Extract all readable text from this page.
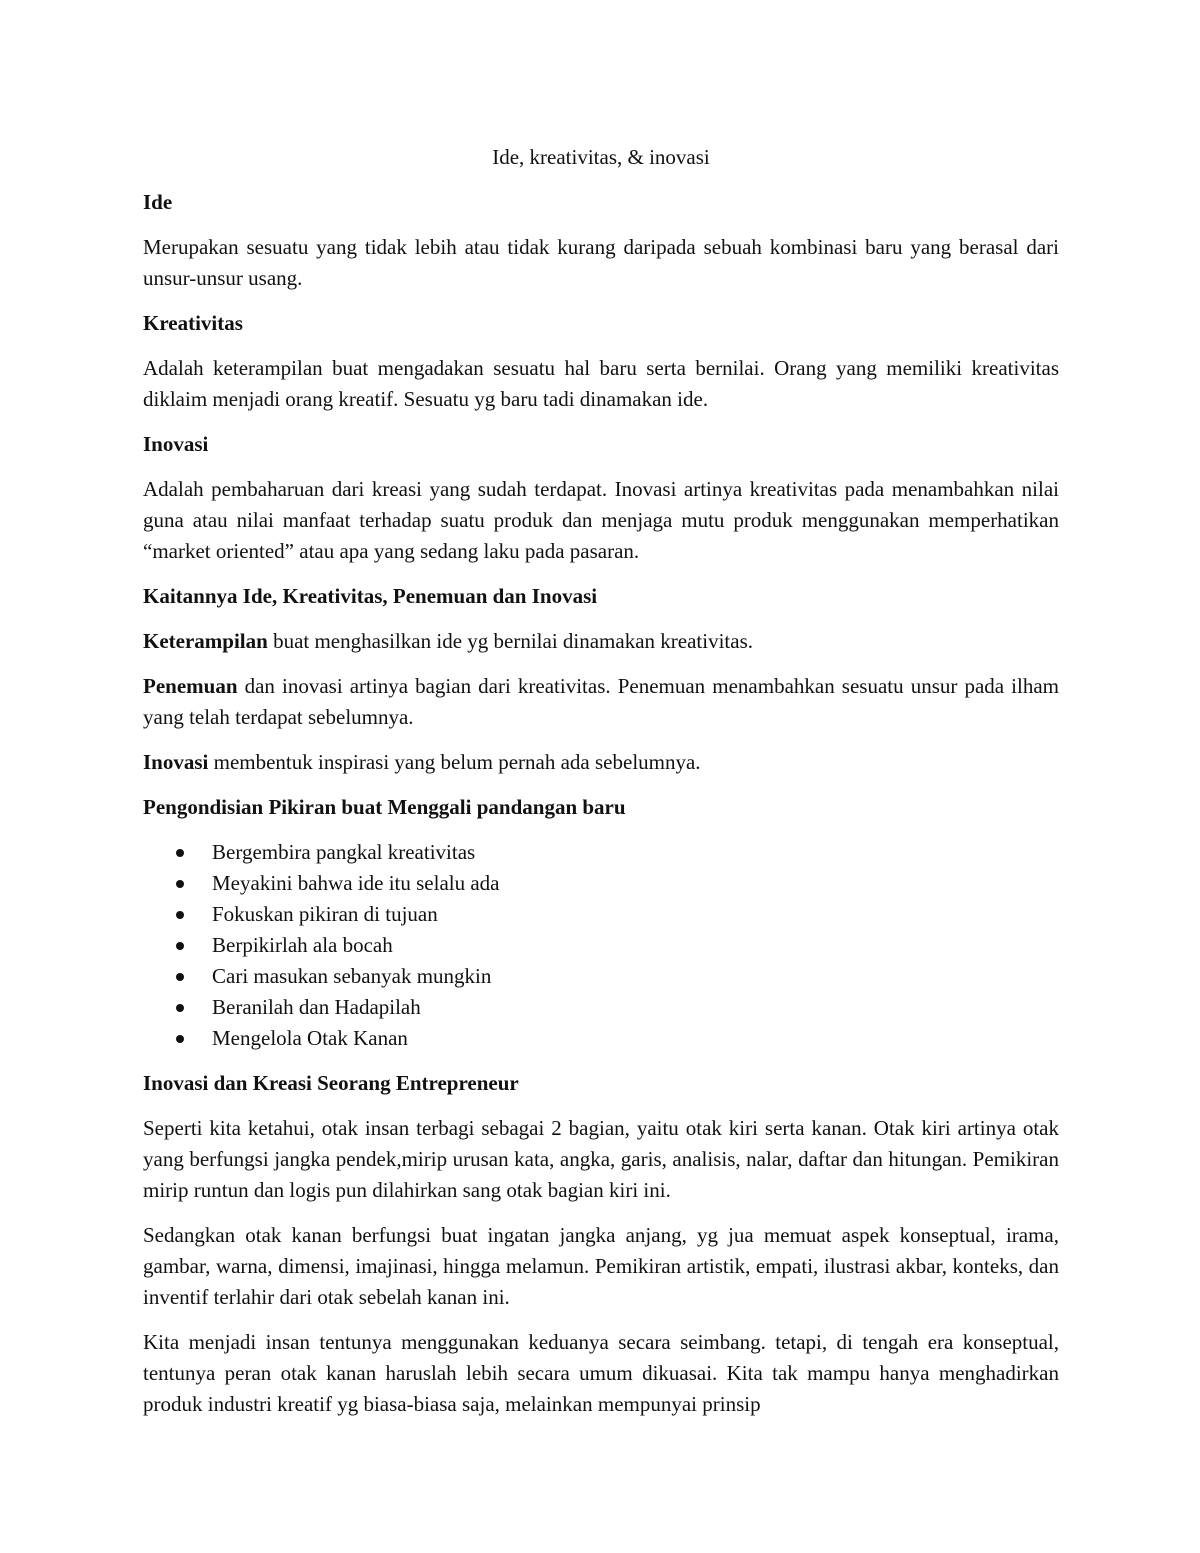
Ide, kreativitas, & inovasi
Ide

Merupakan sesuatu yang tidak lebih atau tidak kurang daripada sebuah kombinasi baru yang berasal dari unsur-unsur usang.

Kreativitas

Adalah keterampilan buat mengadakan sesuatu hal baru serta bernilai. Orang yang memiliki kreativitas diklaim menjadi orang kreatif. Sesuatu yg baru tadi dinamakan ide.

Inovasi

Adalah pembaharuan dari kreasi yang sudah terdapat. Inovasi artinya kreativitas pada menambahkan nilai guna atau nilai manfaat terhadap suatu produk dan menjaga mutu produk menggunakan memperhatikan “market oriented” atau apa yang sedang laku pada pasaran.

Kaitannya Ide, Kreativitas, Penemuan dan Inovasi

Keterampilan buat menghasilkan ide yg bernilai dinamakan kreativitas.

Penemuan dan inovasi artinya bagian dari kreativitas. Penemuan menambahkan sesuatu unsur pada ilham yang telah terdapat sebelumnya.

Inovasi membentuk inspirasi yang belum pernah ada sebelumnya.

Pengondisian Pikiran buat Menggali pandangan baru
Bergembira pangkal kreativitas
Meyakini bahwa ide itu selalu ada
Fokuskan pikiran di tujuan
Berpikirlah ala bocah
Cari masukan sebanyak mungkin
Beranilah dan Hadapilah
Mengelola Otak Kanan
Inovasi dan Kreasi Seorang Entrepreneur

Seperti kita ketahui, otak insan terbagi sebagai 2 bagian, yaitu otak kiri serta kanan. Otak kiri artinya otak yang berfungsi jangka pendek,mirip urusan kata, angka, garis, analisis, nalar, daftar dan hitungan. Pemikiran mirip runtun dan logis pun dilahirkan sang otak bagian kiri ini.

Sedangkan otak kanan berfungsi buat ingatan jangka anjang, yg jua memuat aspek konseptual, irama, gambar, warna, dimensi, imajinasi, hingga melamun. Pemikiran artistik, empati, ilustrasi akbar, konteks, dan inventif terlahir dari otak sebelah kanan ini.

Kita menjadi insan tentunya menggunakan keduanya secara seimbang. tetapi, di tengah era konseptual, tentunya peran otak kanan haruslah lebih secara umum dikuasai. Kita tak mampu hanya menghadirkan produk industri kreatif yg biasa-biasa saja, melainkan mempunyai prinsip
